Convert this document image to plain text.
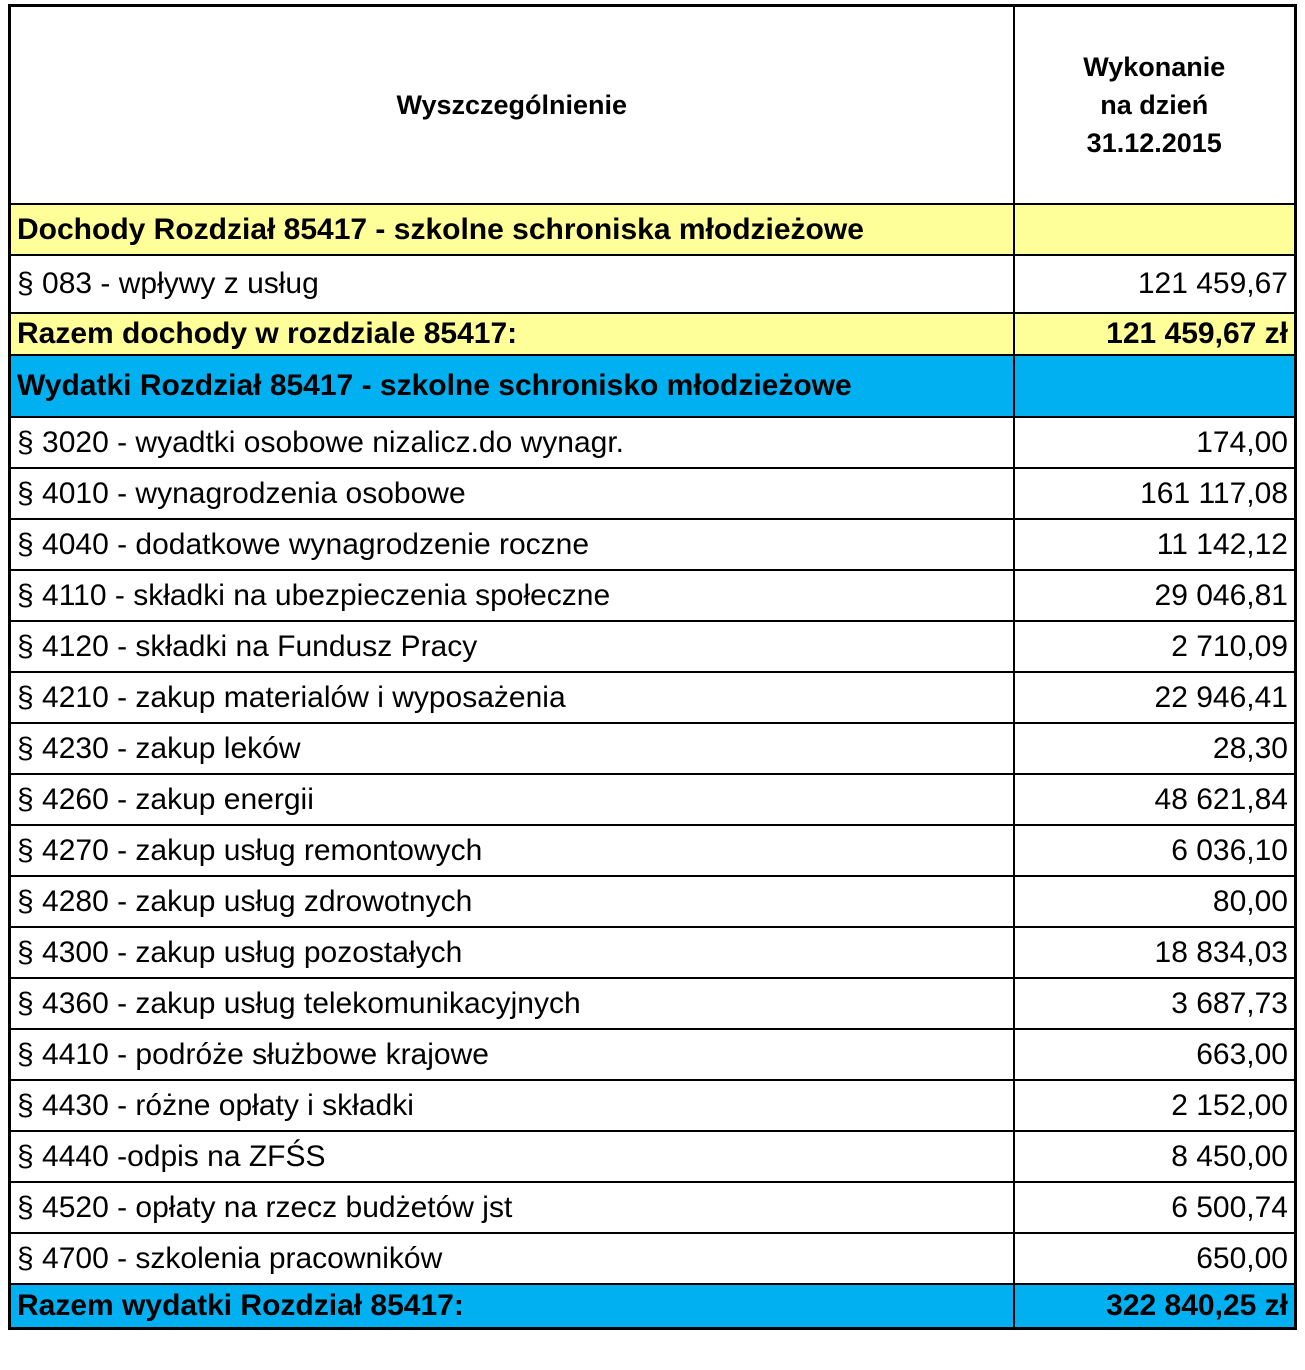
Wyszczególnienie	Wykonanie
na dzień
31.12.2015

Dochody Rozdział 85417 - szkolne schroniska młodzieżowe	
§ 083 - wpływy z usług	121 459,67
Razem dochody w rozdziale 85417:	121 459,67 zł
Wydatki Rozdział 85417 - szkolne schronisko młodzieżowe	
§ 3020 - wyadtki osobowe nizalicz.do wynagr.	174,00
§ 4010 - wynagrodzenia osobowe	161 117,08
§ 4040 - dodatkowe wynagrodzenie roczne	11 142,12
§ 4110 - składki na ubezpieczenia społeczne	29 046,81
§ 4120 - składki na Fundusz Pracy	2 710,09
§ 4210 - zakup materialów i wyposażenia	22 946,41
§ 4230 - zakup leków	28,30
§ 4260 - zakup energii	48 621,84
§ 4270 - zakup usług remontowych	6 036,10
§ 4280 - zakup usług zdrowotnych	80,00
§ 4300 - zakup usług pozostałych	18 834,03
§ 4360 - zakup usług telekomunikacyjnych	3 687,73
§ 4410 - podróże służbowe krajowe	663,00
§ 4430 - różne opłaty i składki	2 152,00
§ 4440 -odpis na ZFŚS	8 450,00
§ 4520 - opłaty na rzecz budżetów jst	6 500,74
§ 4700 - szkolenia pracowników	650,00
Razem wydatki Rozdział 85417:	322 840,25 zł
